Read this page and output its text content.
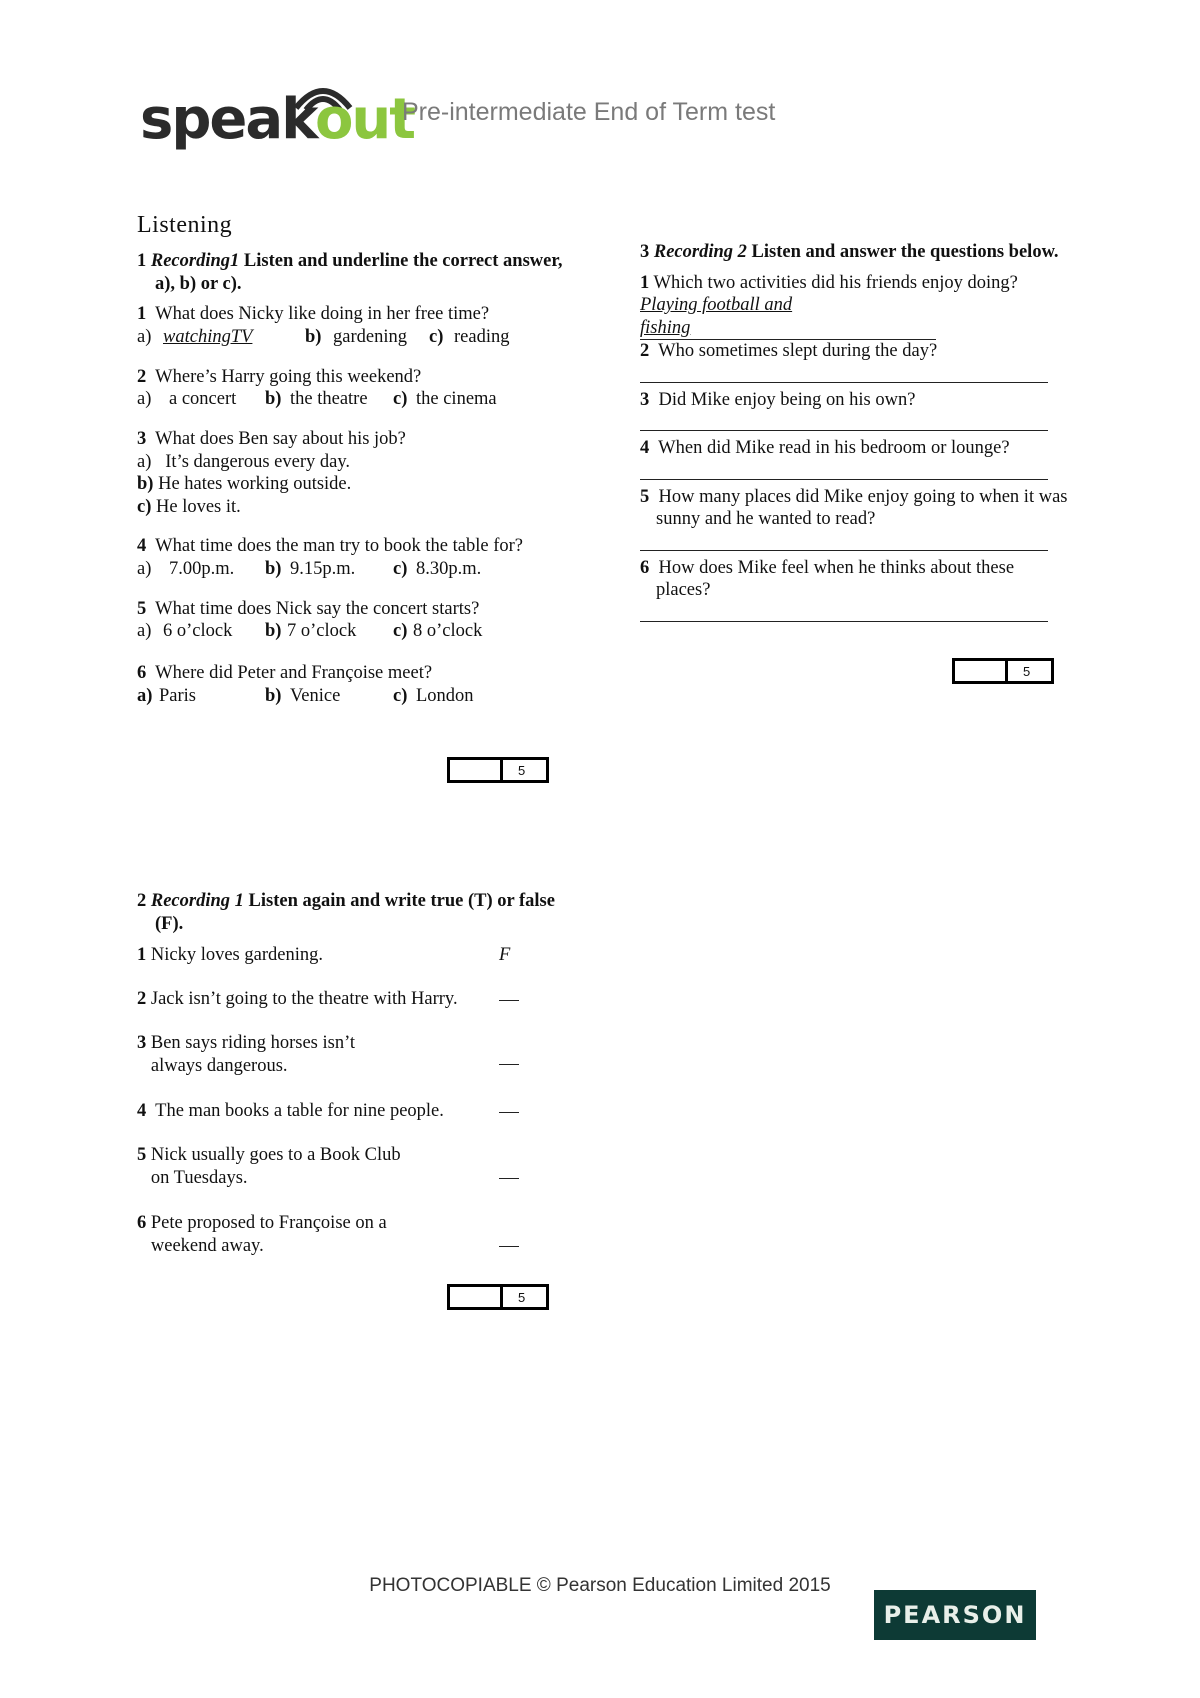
speakout
Pre-intermediate End of Term test
Listening

1 Recording1 Listen and underline the correct answer, a), b) or c).

1 What does Nicky like doing in her free time?

a) watchingTV	b) gardening c) reading

2 Where’s Harry going this weekend?

a) a concert b) the theatre c) the cinema

3 What does Ben say about his job?

a)   It’s dangerous every day.

b) He hates working outside.

c) He loves it.

4 What time does the man try to book the table for?

a) 7.00p.m. b) 9.15p.m. c) 8.30p.m.

5 What time does Nick say the concert starts?

a) 6 o’clock b) 7 o’clock c) 8 o’clock

6 Where did Peter and Françoise meet?

a) Paris	b) Venice	c) London
5

2 Recording 1 Listen again and write true (T) or false (F).

1 Nicky loves gardening.	F
2 Jack isn’t going to the theatre with Harry.
3 Ben says riding horses isn’t
always dangerous.
4 The man books a table for nine people.
5 Nick usually goes to a Book Club
on Tuesdays.
6 Pete proposed to Françoise on a
weekend away.
5

3 Recording 2 Listen and answer the questions below.

1 Which two activities did his friends enjoy doing?

Playing football and

fishing

2 Who sometimes slept during the day?

3 Did Mike enjoy being on his own?

4 When did Mike read in his bedroom or lounge?

5 How many places did Mike enjoy going to when it was sunny and he wanted to read?

6 How does Mike feel when he thinks about these places?

5
PHOTOCOPIABLE © Pearson Education Limited 2015
PEARSON
